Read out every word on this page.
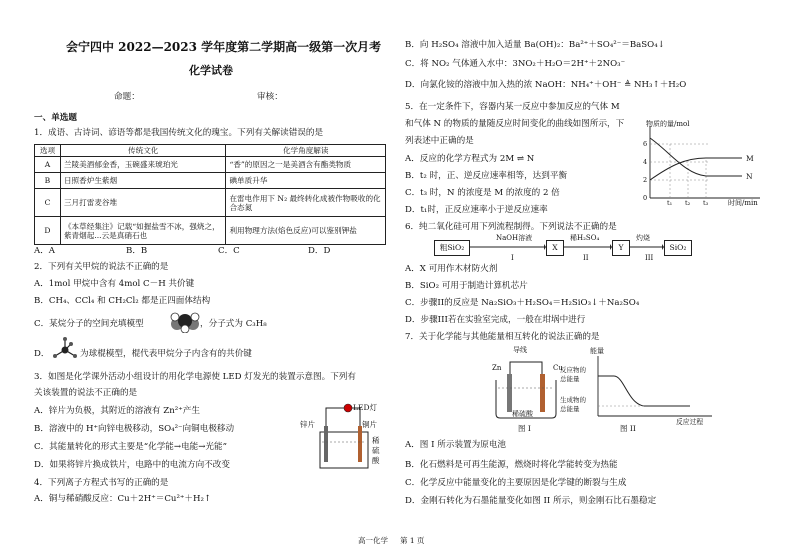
会宁四中 2022—2023 学年度第二学期高一级第一次月考
化学试卷
命题：	审核：
一、单选题
1．成语、古诗词、谚语等都是我国传统文化的瑰宝。下列有关解读错误的是
选项	传统文化	化学角度解读
A	兰陵美酒郁金香，玉碗盛来琥珀光	“香”的原因之一是美酒含有酯类物质
B	日照香炉生紫烟	碘单质升华
C	三月打雷麦谷堆	在雷电作用下 N₂ 最终转化成被作物吸收的化合态氮
D	《本草经集注》记载“如握盐雪不冰，强烧之，紫青烟起...云是真硝石也	利用物理方法(焰色反应)可以鉴别钾盐
A．A	B．B	C．C	D．D
2．下列有关甲烷的说法不正确的是
A．1mol 甲烷中含有 4mol C－H 共价键
B．CH₄、CCl₄ 和 CH₂Cl₂ 都是正四面体结构
C．某烷分子的空间充填模型	，分子式为 C₃H₈
D．	为球棍模型，棍代表甲烷分子内含有的共价键
3．如图是化学课外活动小组设计的用化学电源使 LED 灯发光的装置示意图。下列有
关该装置的说法不正确的是
A．锌片为负极，其附近的溶液有 Zn²⁺产生
B．溶液中的 H⁺向锌电极移动，SO₄²⁻向铜电极移动
C．其能量转化的形式主要是“化学能→电能→光能”
D．如果将锌片换成铁片，电路中的电流方向不改变
LED灯
锌片	铜片
稀
硫
酸
4．下列离子方程式书写的正确的是
A．铜与稀硝酸反应：Cu＋2H⁺＝Cu²⁺＋H₂↑
B．向 H₂SO₄ 溶液中加入适量 Ba(OH)₂：Ba²⁺＋SO₄²⁻＝BaSO₄↓
C．将 NO₂ 气体通入水中：3NO₂＋H₂O＝2H⁺＋2NO₃⁻
D．向氯化铵的溶液中加入热的浓 NaOH：NH₄⁺＋OH⁻ ≜ NH₃↑＋H₂O
5．在一定条件下，容器内某一反应中参加反应的气体 M
和气体 N 的物质的量随反应时间变化的曲线如图所示，下
列表述中正确的是
A．反应的化学方程式为 2M ⇌ N
B．t₂ 时，正、逆反应速率相等，达到平衡
C．t₃ 时，N 的浓度是 M 的浓度的 2 倍
D．t₁时，正反应速率小于逆反应速率
物质的量/mol
M
N
0
2
4
6
t₁ t₂ t₃	时间/min
6．纯二氧化硅可用下列流程制得。下列说法不正确的是
粗SiO₂
NaOH溶液
I
X
稀H₂SO₄
II
Y
灼烧
III
SiO₂
A．X 可用作木材防火剂
B．SiO₂ 可用于制造计算机芯片
C．步骤II的反应是 Na₂SiO₃＋H₂SO₄＝H₂SiO₃↓＋Na₂SO₄
D．步骤III若在实验室完成，一般在坩埚中进行
7．关于化学能与其他能量相互转化的说法正确的是
导线
Zn	Cu
稀硫酸
图 I
能量
反应物的
总能量
生成物的
总能量
反应过程
图 II
A．图 I 所示装置为原电池
B．化石燃料是可再生能源，燃烧时将化学能转变为热能
C．化学反应中能量变化的主要原因是化学键的断裂与生成
D．金刚石转化为石墨能量变化如图 II 所示，则金刚石比石墨稳定
高一化学 第 1 页
